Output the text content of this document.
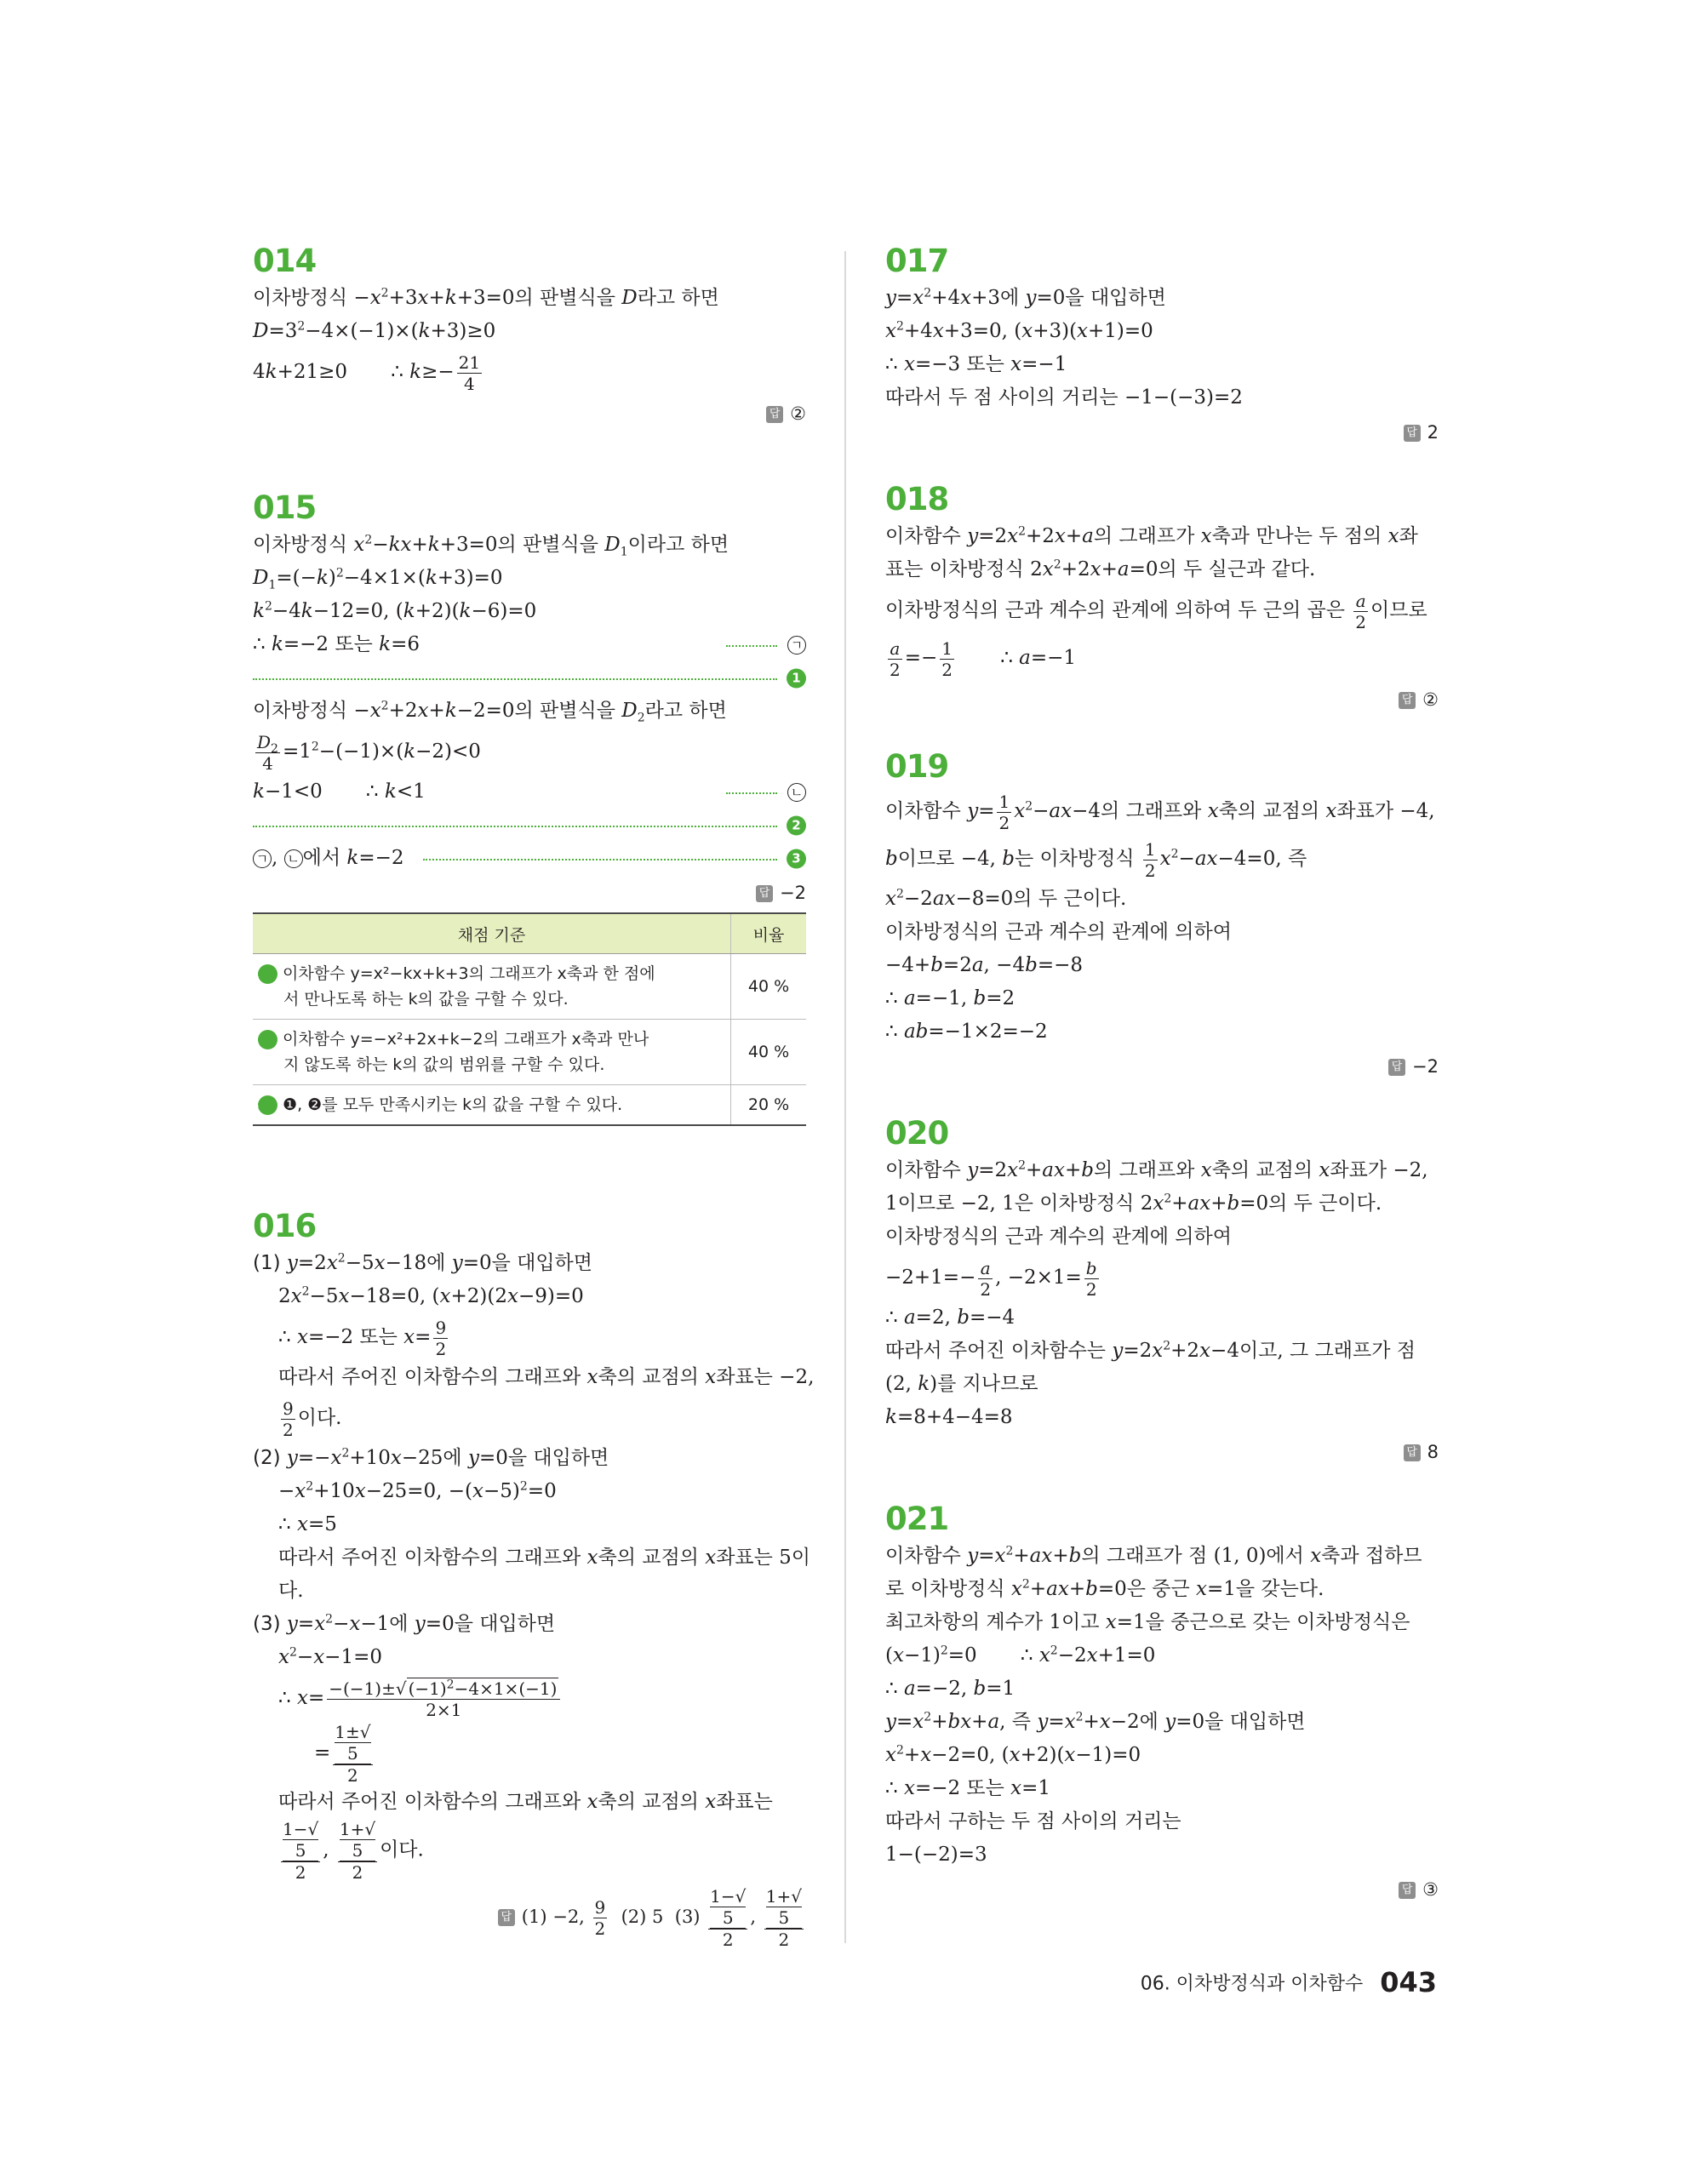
014
이차방정식 $-x^2+3x+k+3=0$의 판별식을 D라고 하면
$D=3^2-4\times(-1)\times(k+3)\ge 0$
4k+21≥0       ∴ $k\ge- \frac{21}{4}$
답 ②
015
이차방정식 $x^2-kx+k+3=0$의 판별식을 $D_1$이라고 하면
$D_1=(-k)^2-4\times 1\times(k+3)=0$
$k^2-4k-12=0$, (k+2)(k−6)=0
∴ k=−2 또는 k=6	ㄱ
1
이차방정식 $-x^2+2x+k-2=0$의 판별식을 $D_2$라고 하면
$\frac{D_2}{4} =1^2-(-1)\times(k-2)<0$
k−1<0       ∴ k<1	ㄴ
2
ㄱ , ㄴ 에서 k=−2	3
답 −2
채점 기준	비율

1 이차함수 y=x²−kx+k+3의 그래프가 x축과 한 점에
서 만나도록 하는 k의 값을 구할 수 있다.	40 %

2 이차함수 y=−x²+2x+k−2의 그래프가 x축과 만나
지 않도록 하는 k의 값의 범위를 구할 수 있다.	40 %

3 ❶, ❷를 모두 만족시키는 k의 값을 구할 수 있다.	20 %
016
(1) $y=2x^2-5x-18$에 y=0을 대입하면
$2x^2-5x-18=0$, (x+2)(2x−9)=0
∴ x=−2 또는 $x= \frac{9}{2}$
따라서 주어진 이차함수의 그래프와 x축의 교점의 x좌표는 −2,
$\frac{9}{2}$ 이다.
(2) $y=-x^2+10x-25$에 y=0을 대입하면
$-x^2+10x-25=0$, $-(x-5)^2=0$
∴ x=5
따라서 주어진 이차함수의 그래프와 x축의 교점의 x좌표는 5이
다.
(3) $y=x^2-x-1$에 y=0을 대입하면
$x^2-x-1=0$
∴ $x= \frac{-(-1)\pm√ (-1)^2-4\times 1\times(-1)}{2\times 1}$
= 1±√
5
2
따라서 주어진 이차함수의 그래프와 x축의 교점의 x좌표는
1−√
5
2 , 1+√
5
2 이다.
답 (1) −2, $\frac{9}{2} (2)$ 5  (3) 1−√
5
2 , 1+√
5
2
017
$y=x^2+4x+3$에 y=0을 대입하면
$x^2+4x+3=0$, (x+3)(x+1)=0
∴ x=−3 또는 x=−1
따라서 두 점 사이의 거리는 −1−(−3)=2
답 2
018
이차함수 $y=2x^2+2x+a$의 그래프가 x축과 만나는 두 점의 x좌
표는 이차방정식 $2x^2+2x+a=0$의 두 실근과 같다.
이차방정식의 근과 계수의 관계에 의하여 두 근의 곱은 $\frac{a}{2}$ 이므로
$\frac{a}{2} =- \frac{1}{2}$ ∴ a=−1
답 ②
019
이차함수 $y= \frac{1}{2} x^2-ax-4$의 그래프와 x축의 교점의 x좌표가 −4,
b이므로 −4, b는 이차방정식 $\frac{1}{2} x^2-ax-4=0$, 즉
$x^2-2ax-8=0$의 두 근이다.
이차방정식의 근과 계수의 관계에 의하여
−4+b=2a, −4b=−8
∴ a=−1, b=2
∴ ab=−1×2=−2
답 −2
020
이차함수 $y=2x^2+ax+b$의 그래프와 x축의 교점의 x좌표가 −2,
1이므로 −2, 1은 이차방정식 $2x^2+ax+b=0$의 두 근이다.
이차방정식의 근과 계수의 관계에 의하여
$-2+1=- \frac{a}{2}$ , $-2\times 1= \frac{b}{2}$
∴ a=2, b=−4
따라서 주어진 이차함수는 $y=2x^2+2x-4$이고, 그 그래프가 점
(2, k)를 지나므로
k=8+4−4=8
답 8
021
이차함수 $y=x^2+ax+b$의 그래프가 점 (1, 0)에서 x축과 접하므
로 이차방정식 $x^2+ax+b=0$은 중근 x=1을 갖는다.
최고차항의 계수가 1이고 x=1을 중근으로 갖는 이차방정식은
$(x-1)^2=0$       ∴ $x^2-2x+1=0$
∴ a=−2, b=1
$y=x^2+bx+a$, 즉 $y=x^2+x-2$에 y=0을 대입하면
$x^2+x-2=0$, (x+2)(x−1)=0
∴ x=−2 또는 x=1
따라서 구하는 두 점 사이의 거리는
1−(−2)=3
답 ③
06. 이차방정식과 이차함수 043
